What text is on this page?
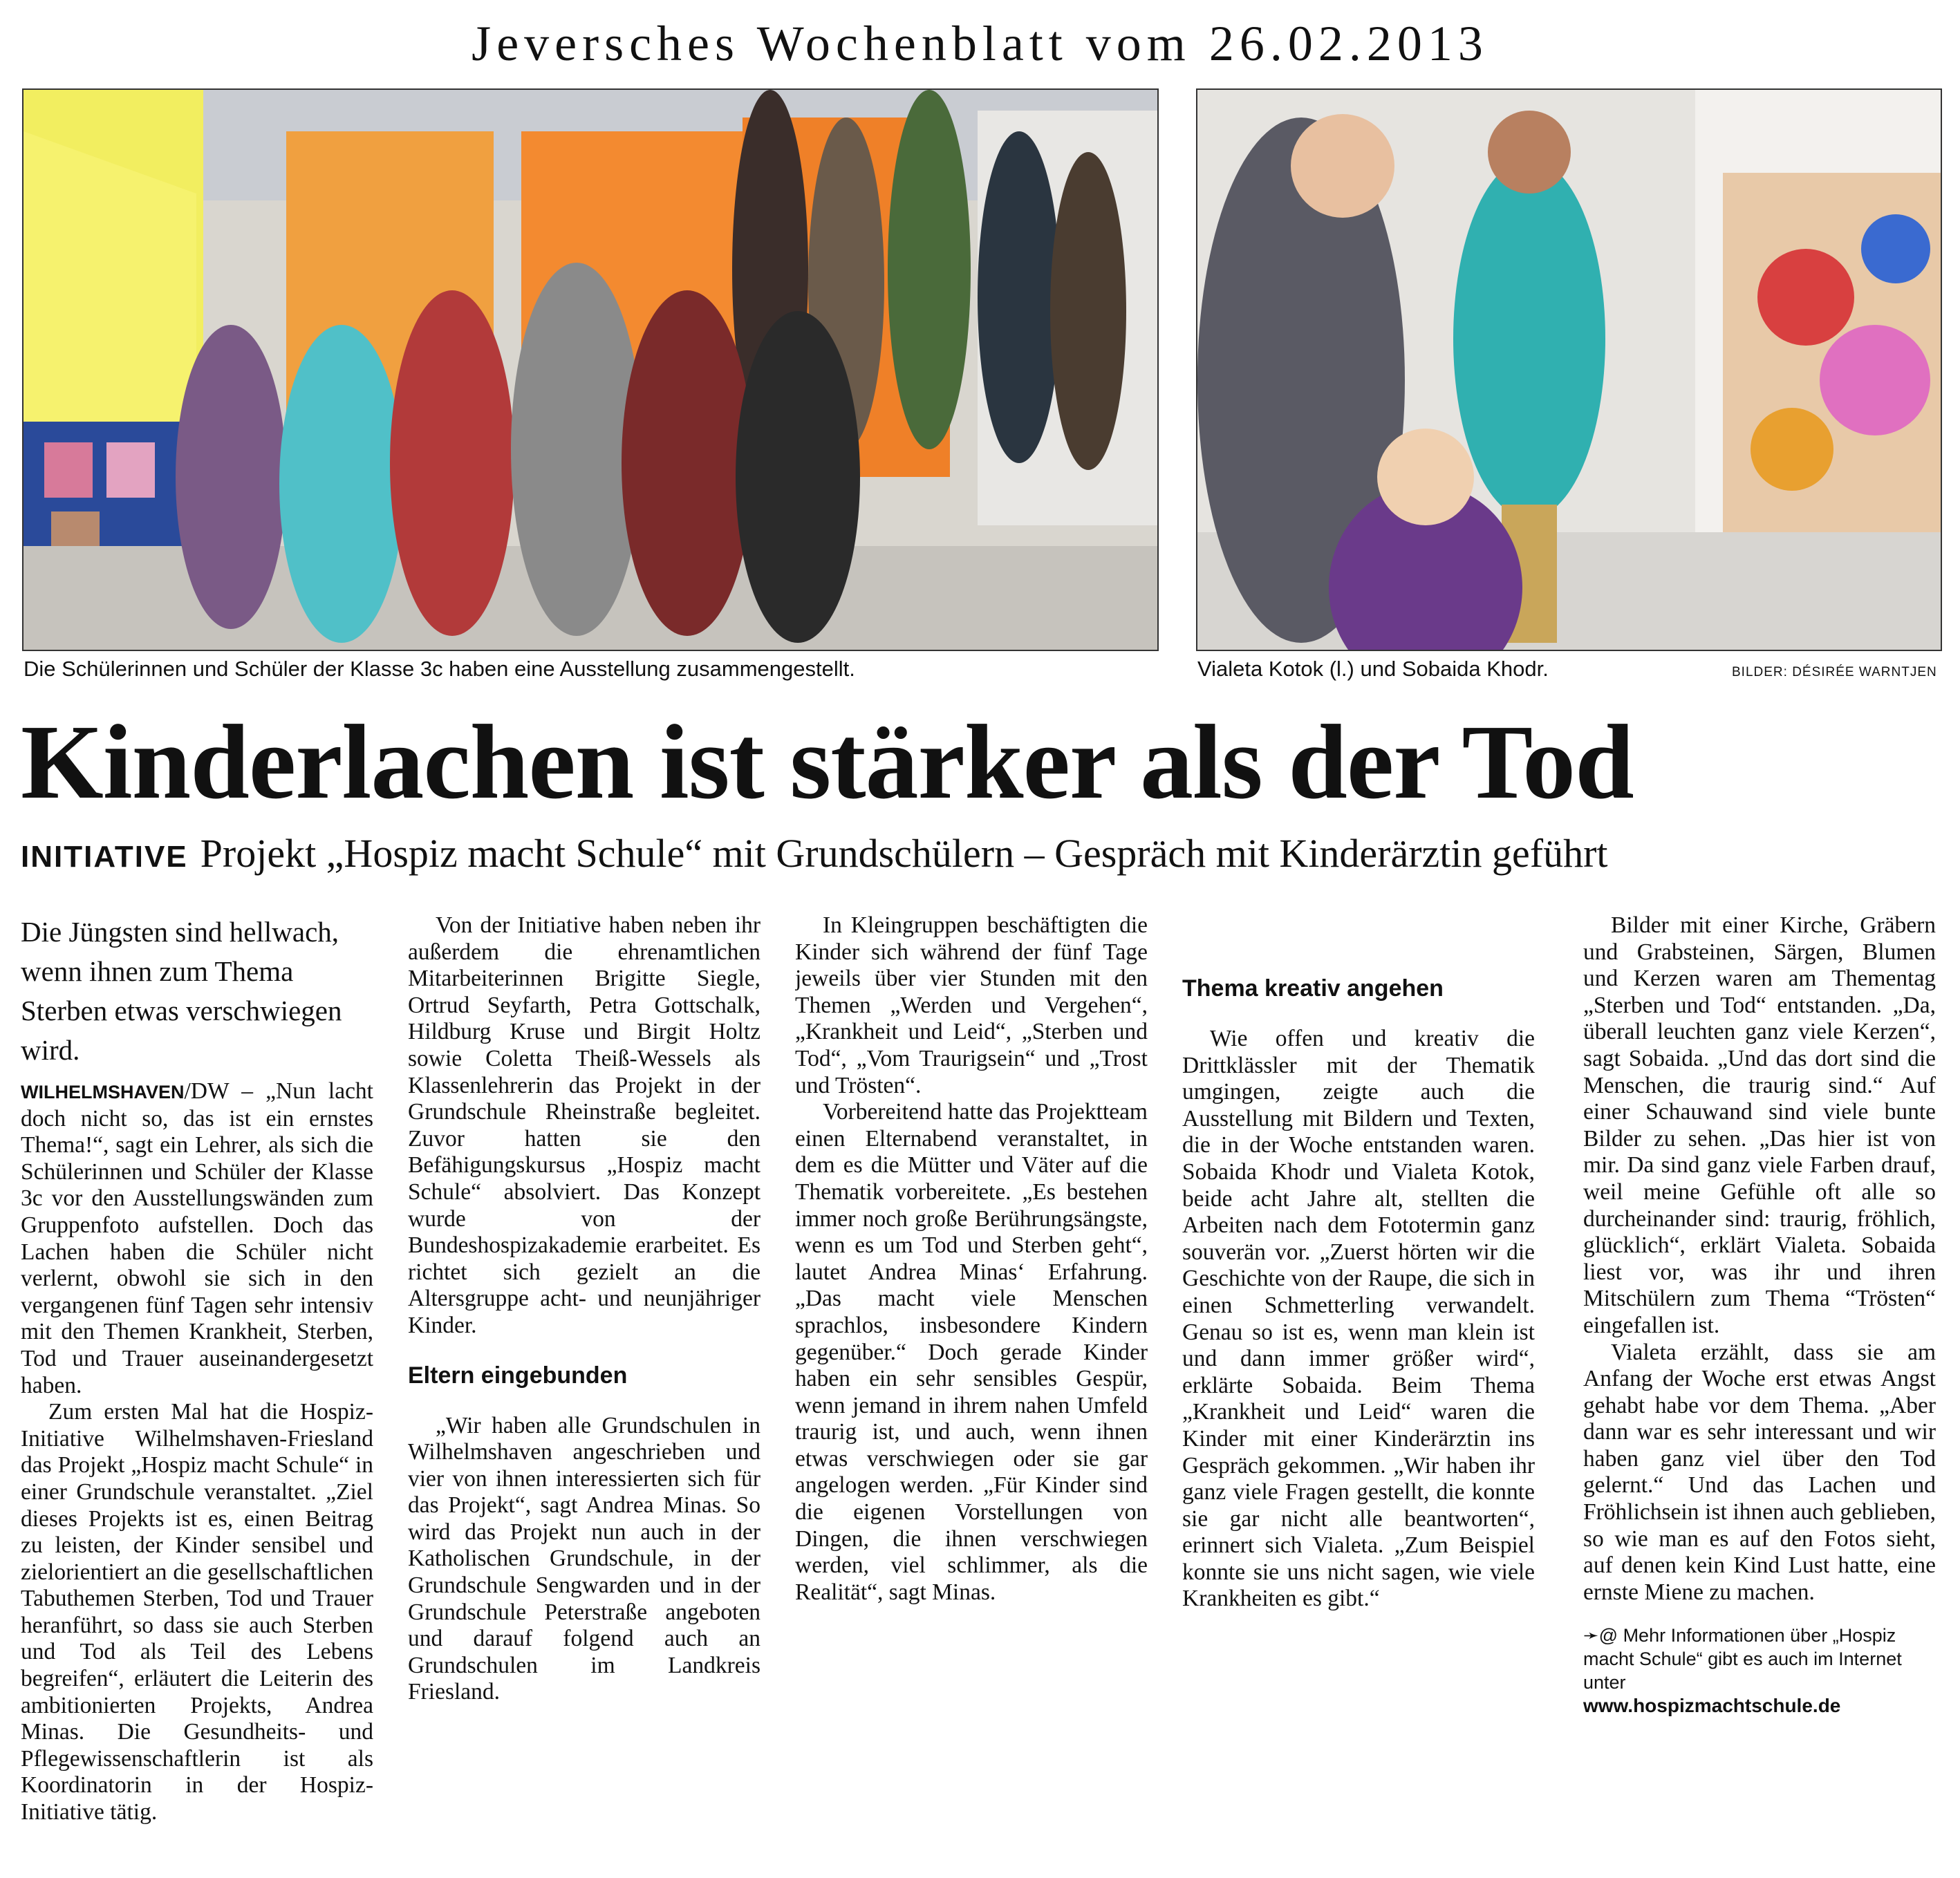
Jeversches Wochenblatt vom 26.02.2013
Die Schülerinnen und Schüler der Klasse 3c haben eine Ausstellung zusammengestellt.	Vialeta Kotok (l.) und Sobaida Khodr.	BILDER: DÉSIRÉE WARNTJEN
Kinderlachen ist stärker als der Tod
INITIATIVE Projekt „Hospiz macht Schule“ mit Grundschülern – Gespräch mit Kinderärztin geführt
Die Jüngsten sind hellwach, wenn ihnen zum Thema Sterben etwas verschwiegen wird.

WILHELMSHAVEN/DW – „Nun lacht doch nicht so, das ist ein ernstes Thema!“, sagt ein Lehrer, als sich die Schülerinnen und Schüler der Klasse 3c vor den Ausstellungswänden zum Gruppenfoto aufstellen. Doch das Lachen haben die Schüler nicht verlernt, obwohl sie sich in den vergangenen fünf Tagen sehr intensiv mit den Themen Krankheit, Sterben, Tod und Trauer auseinandergesetzt haben.

Zum ersten Mal hat die Hospiz-Initiative Wilhelmshaven-Friesland das Projekt „Hospiz macht Schule“ in einer Grundschule veranstaltet. „Ziel dieses Projekts ist es, einen Beitrag zu leisten, der Kinder sensibel und zielorientiert an die gesellschaftlichen Tabuthemen Sterben, Tod und Trauer heranführt, so dass sie auch Sterben und Tod als Teil des Lebens begreifen“, erläutert die Leiterin des ambitionierten Projekts, Andrea Minas. Die Gesundheits- und Pflegewissenschaftlerin ist als Koordinatorin in der Hospiz-Initiative tätig.

Von der Initiative haben neben ihr außerdem die ehrenamtlichen Mitarbeiterinnen Brigitte Siegle, Ortrud Seyfarth, Petra Gottschalk, Hildburg Kruse und Birgit Holtz sowie Coletta Theiß-Wessels als Klassenlehrerin das Projekt in der Grundschule Rheinstraße begleitet. Zuvor hatten sie den Befähigungskursus „Hospiz macht Schule“ absolviert. Das Konzept wurde von der Bundeshospizakademie erarbeitet. Es richtet sich gezielt an die Altersgruppe acht- und neunjähriger Kinder.

Eltern eingebunden

„Wir haben alle Grundschulen in Wilhelmshaven angeschrieben und vier von ihnen interessierten sich für das Projekt“, sagt Andrea Minas. So wird das Projekt nun auch in der Katholischen Grundschule, in der Grundschule Sengwarden und in der Grundschule Peterstraße angeboten und darauf folgend auch an Grundschulen im Landkreis Friesland.

In Kleingruppen beschäftigten die Kinder sich während der fünf Tage jeweils über vier Stunden mit den Themen „Werden und Vergehen“, „Krankheit und Leid“, „Sterben und Tod“, „Vom Traurigsein“ und „Trost und Trösten“.

Vorbereitend hatte das Projektteam einen Elternabend veranstaltet, in dem es die Mütter und Väter auf die Thematik vorbereitete. „Es bestehen immer noch große Berührungsängste, wenn es um Tod und Sterben geht“, lautet Andrea Minas‘ Erfahrung. „Das macht viele Menschen sprachlos, insbesondere Kindern gegenüber.“ Doch gerade Kinder haben ein sehr sensibles Gespür, wenn jemand in ihrem nahen Umfeld traurig ist, und auch, wenn ihnen etwas verschwiegen oder sie gar angelogen werden. „Für Kinder sind die eigenen Vorstellungen von Dingen, die ihnen verschwiegen werden, viel schlimmer, als die Realität“, sagt Minas.

Thema kreativ angehen

Wie offen und kreativ die Drittklässler mit der Thematik umgingen, zeigte auch die Ausstellung mit Bildern und Texten, die in der Woche entstanden waren. Sobaida Khodr und Vialeta Kotok, beide acht Jahre alt, stellten die Arbeiten nach dem Fototermin ganz souverän vor. „Zuerst hörten wir die Geschichte von der Raupe, die sich in einen Schmetterling verwandelt. Genau so ist es, wenn man klein ist und dann immer größer wird“, erklärte Sobaida. Beim Thema „Krankheit und Leid“ waren die Kinder mit einer Kinderärztin ins Gespräch gekommen. „Wir haben ihr ganz viele Fragen gestellt, die konnte sie gar nicht alle beantworten“, erinnert sich Vialeta. „Zum Beispiel konnte sie uns nicht sagen, wie viele Krankheiten es gibt.“

Bilder mit einer Kirche, Gräbern und Grabsteinen, Särgen, Blumen und Kerzen waren am Thementag „Sterben und Tod“ entstanden. „Da, überall leuchten ganz viele Kerzen“, sagt Sobaida. „Und das dort sind die Menschen, die traurig sind.“ Auf einer Schauwand sind viele bunte Bilder zu sehen. „Das hier ist von mir. Da sind ganz viele Farben drauf, weil meine Gefühle oft alle so durcheinander sind: traurig, fröhlich, glücklich“, erklärt Vialeta. Sobaida liest vor, was ihr und ihren Mitschülern zum Thema “Trösten“ eingefallen ist.

Vialeta erzählt, dass sie am Anfang der Woche erst etwas Angst gehabt habe vor dem Thema. „Aber dann war es sehr interessant und wir haben ganz viel über den Tod gelernt.“ Und das Lachen und Fröhlichsein ist ihnen auch geblieben, so wie man es auf den Fotos sieht, auf denen kein Kind Lust hatte, eine ernste Miene zu machen.

➛@ Mehr Informationen über „Hospiz macht Schule“ gibt es auch im Internet unter
www.hospizmachtschule.de
